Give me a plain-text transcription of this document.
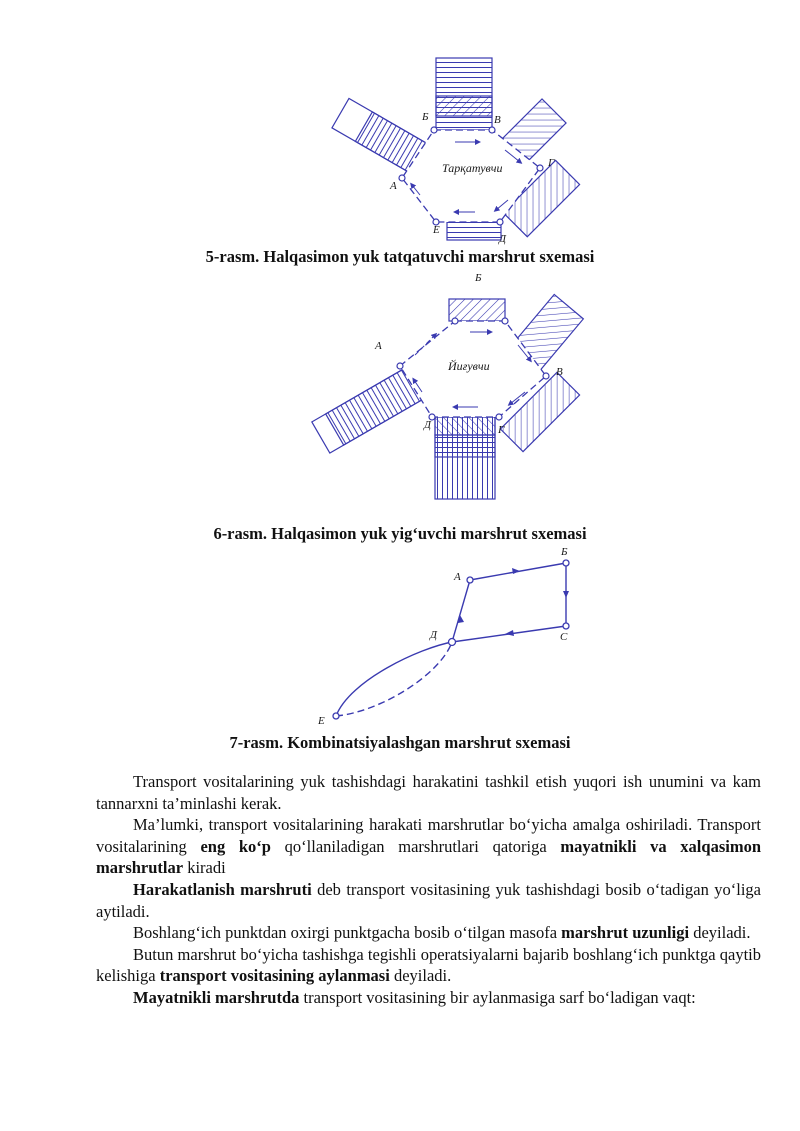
Б	В
Г
Д
Е
А
Тарқатувчи
5-rasm. Halqasimon yuk tatqatuvchi marshrut sxemasi
Б
В
Г
Д
А
Йиғувчи
6-rasm. Halqasimon yuk yig‘uvchi marshrut sxemasi
А
Б
С
Д
Е
7-rasm. Kombinatsiyalashgan marshrut sxemasi

Transport vositalarining yuk tashishdagi harakatini tashkil etish yuqori ish unumini va kam tannarxni ta’minlashi kerak.

Ma’lumki, transport vositalarining harakati marshrutlar bo‘yicha amalga oshiriladi. Transport vositalarining eng ko‘p qo‘llaniladigan marshrutlari qatoriga mayatnikli va xalqasimon marshrutlar kiradi

Harakatlanish marshruti deb transport vositasining yuk tashishdagi bosib o‘tadigan yo‘liga aytiladi.

Boshlang‘ich punktdan oxirgi punktgacha bosib o‘tilgan masofa marshrut uzunligi deyiladi.

Butun marshrut bo‘yicha tashishga tegishli operatsiyalarni bajarib boshlang‘ich punktga qaytib kelishiga transport vositasining aylanmasi deyiladi.

Mayatnikli marshrutda transport vositasining bir aylanmasiga sarf bo‘ladigan vaqt:
